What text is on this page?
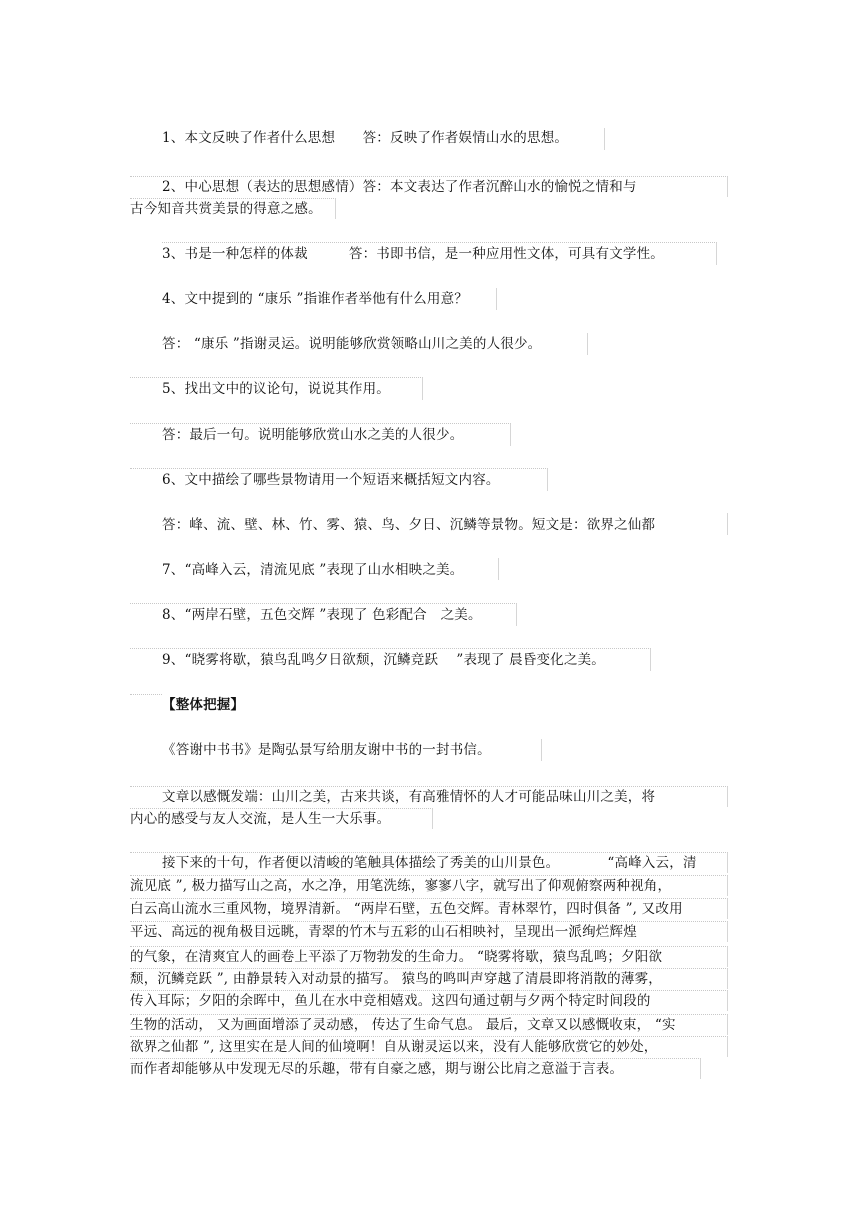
1、本文反映了作者什么思想　　答：反映了作者娱情山水的思想。
2、中心思想（表达的思想感情）答：本文表达了作者沉醉山水的愉悦之情和与
古今知音共赏美景的得意之感。
3、书是一种怎样的体裁　　　答：书即书信，是一种应用性文体，可具有文学性。
4、文中提到的 “康乐 ”指谁作者举他有什么用意？
答： “康乐 ”指谢灵运。说明能够欣赏领略山川之美的人很少。
5、找出文中的议论句，说说其作用。
答：最后一句。说明能够欣赏山水之美的人很少。
6、文中描绘了哪些景物请用一个短语来概括短文内容。
答：峰、流、壁、林、竹、雾、猿、鸟、夕日、沉鳞等景物。短文是：欲界之仙都
7、“高峰入云，清流见底 ”表现了山水相映之美。
8、“两岸石壁，五色交辉 ”表现了 色彩配合　之美。
9、“晓雾将歇，猿鸟乱鸣夕日欲颓，沉鳞竞跃　 ”表现了 晨昏变化之美。
【整体把握】
《答谢中书书》是陶弘景写给朋友谢中书的一封书信。
文章以感慨发端：山川之美，古来共谈，有高雅情怀的人才可能品味山川之美，将
内心的感受与友人交流，是人生一大乐事。
接下来的十句，作者便以清峻的笔触具体描绘了秀美的山川景色。　　　　“高峰入云，清
流见底 ”, 极力描写山之高，水之净，用笔洗练，寥寥八字，就写出了仰观俯察两种视角，
白云高山流水三重风物，境界清新。 “两岸石壁，五色交辉。青林翠竹，四时俱备 ”, 又改用
平远、高远的视角极目远眺，青翠的竹木与五彩的山石相映衬，呈现出一派绚烂辉煌
的气象，在清爽宜人的画卷上平添了万物勃发的生命力。 “晓雾将歇，猿鸟乱鸣；夕阳欲
颓，沉鳞竞跃 ”, 由静景转入对动景的描写。 猿鸟的鸣叫声穿越了清晨即将消散的薄雾，
传入耳际；夕阳的余晖中，鱼儿在水中竞相嬉戏。这四句通过朝与夕两个特定时间段的
生物的活动， 又为画面增添了灵动感， 传达了生命气息。 最后，文章又以感慨收束， “实
欲界之仙都 ”, 这里实在是人间的仙境啊！自从谢灵运以来，没有人能够欣赏它的妙处，
而作者却能够从中发现无尽的乐趣，带有自豪之感，期与谢公比肩之意溢于言表。
